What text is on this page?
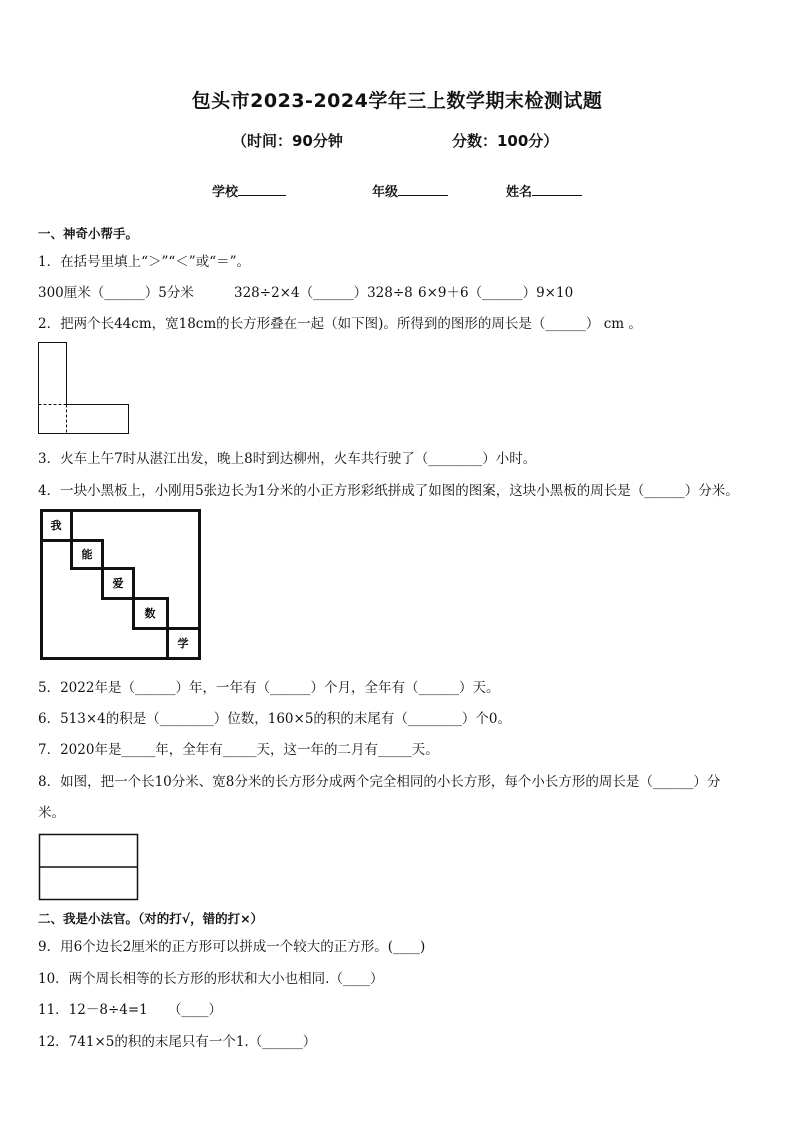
包头市2023-2024学年三上数学期末检测试题
（时间：90分钟	分数：100分）
学校	年级	姓名
一、神奇小帮手。
1．在括号里填上“＞”“＜”或“＝”。
300厘米（______）5分米	328÷2×4（______）328÷8 6×9＋6（______）9×10
2．把两个长44cm，宽18cm的长方形叠在一起（如下图)。所得到的图形的周长是（______） cm 。
3．火车上午7时从湛江出发，晚上8时到达柳州，火车共行驶了（________）小时。
4．一块小黑板上，小刚用5张边长为1分米的小正方形彩纸拼成了如图的图案，这块小黑板的周长是（______）分米。
我
能
爱
数
学
5．2022年是（______）年，一年有（______）个月，全年有（______）天。
6．513×4的积是（________）位数，160×5的积的末尾有（________）个0。
7．2020年是_____年，全年有_____天，这一年的二月有_____天。
8．如图，把一个长10分米、宽8分米的长方形分成两个完全相同的小长方形，每个小长方形的周长是（______）分
米。
二、我是小法官。（对的打√，错的打×）
9．用6个边长2厘米的正方形可以拼成一个较大的正方形。(____)
10．两个周长相等的长方形的形状和大小也相同.（____）
11．12－8÷4=1　　（____）
12．741×5的积的末尾只有一个1.（______）
